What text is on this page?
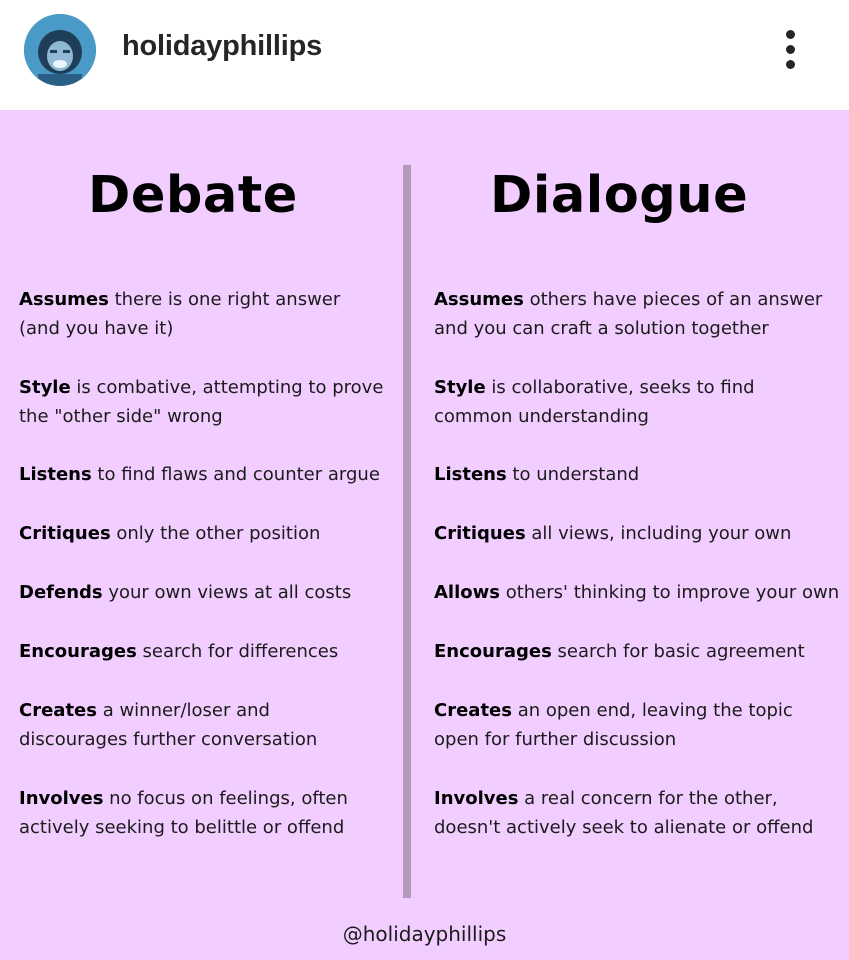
holidayphillips
Debate	Dialogue

Assumes there is one right answer
(and you have it)

Style is combative, attempting to prove
the "other side" wrong

Listens to find flaws and counter argue

Critiques only the other position

Defends your own views at all costs

Encourages search for differences

Creates a winner/loser and
discourages further conversation

Involves no focus on feelings, often
actively seeking to belittle or offend

Assumes others have pieces of an answer
and you can craft a solution together

Style is collaborative, seeks to find
common understanding

Listens to understand

Critiques all views, including your own

Allows others' thinking to improve your own

Encourages search for basic agreement

Creates an open end, leaving the topic
open for further discussion

Involves a real concern for the other,
doesn't actively seek to alienate or offend

@holidayphillips
